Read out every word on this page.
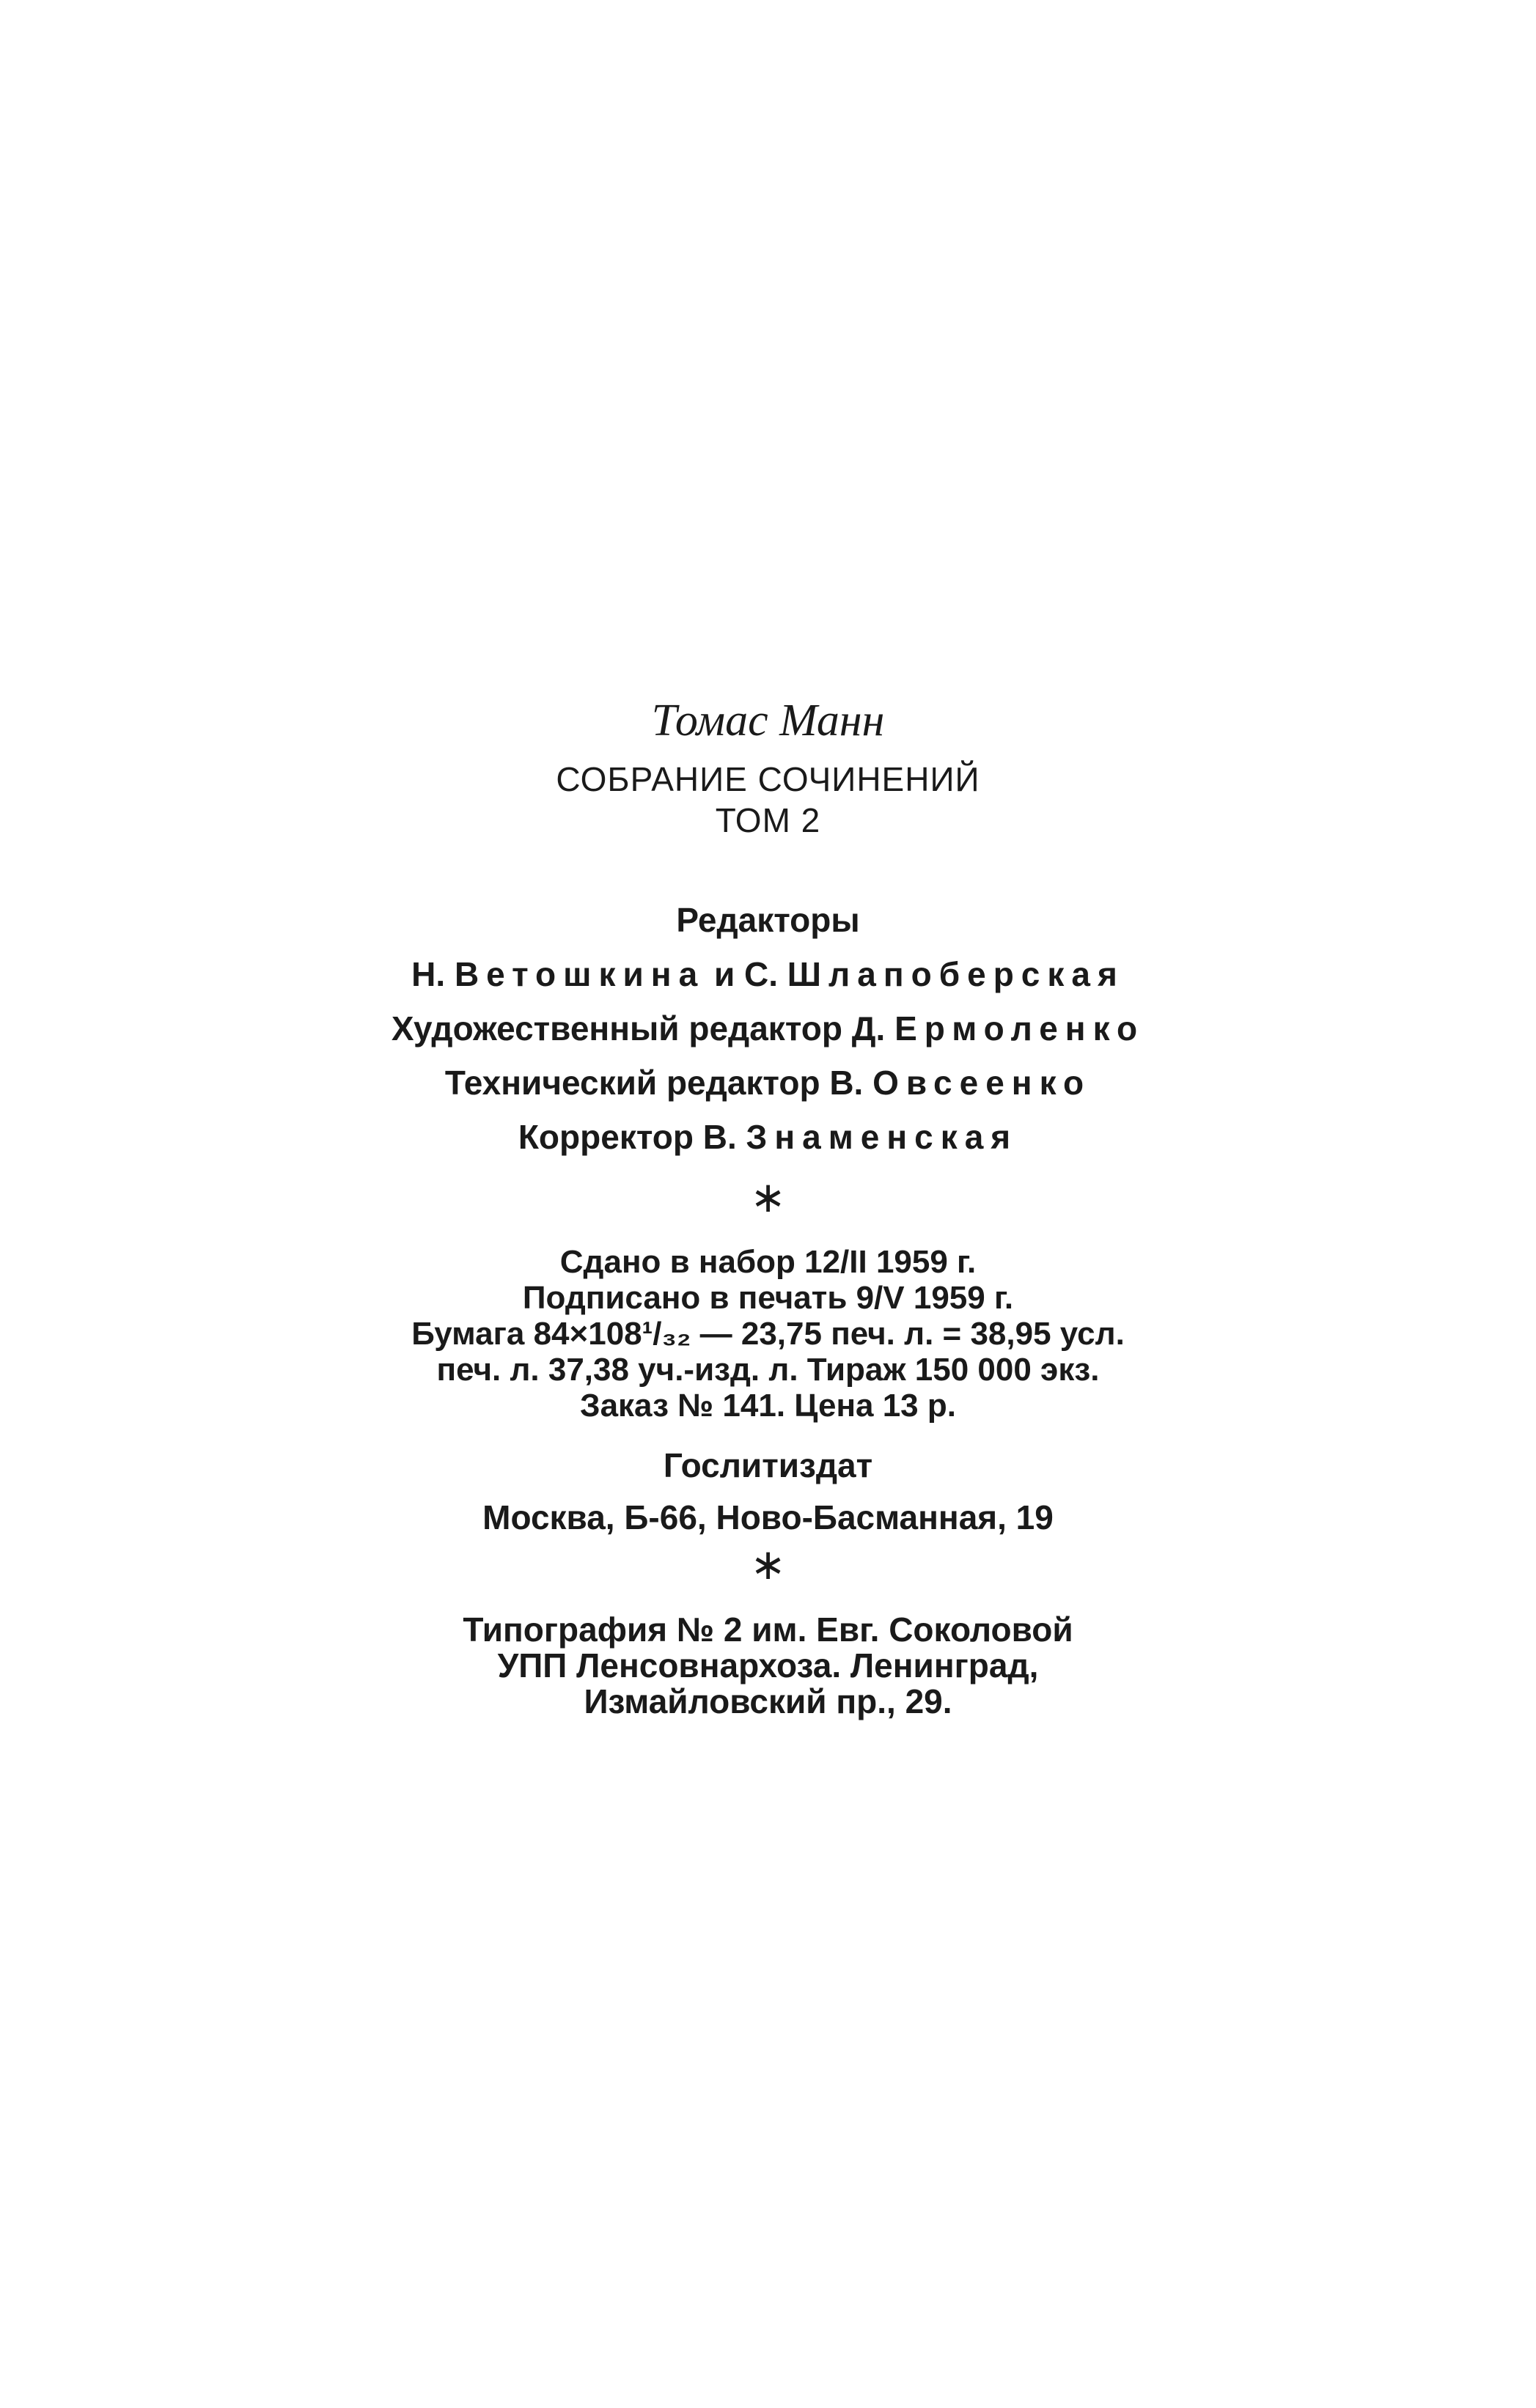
Томас Манн
СОБРАНИЕ СОЧИНЕНИЙ
ТОМ 2
Редакторы
Н. Ветошкина и С. Шлапоберская
Художественный редактор Д. Ермоленко
Технический редактор В. Овсеенко
Корректор В. Знаменская
∗
Сдано в набор 12/II 1959 г.
Подписано в печать 9/V 1959 г.
Бумага 84×108¹/₃₂ — 23,75 печ. л. = 38,95 усл.
печ. л. 37,38 уч.-изд. л. Тираж 150 000 экз.
Заказ № 141. Цена 13 р.
Гослитиздат
Москва, Б-66, Ново-Басманная, 19
∗
Типография № 2 им. Евг. Соколовой
УПП Ленсовнархоза. Ленинград,
Измайловский пр., 29.
